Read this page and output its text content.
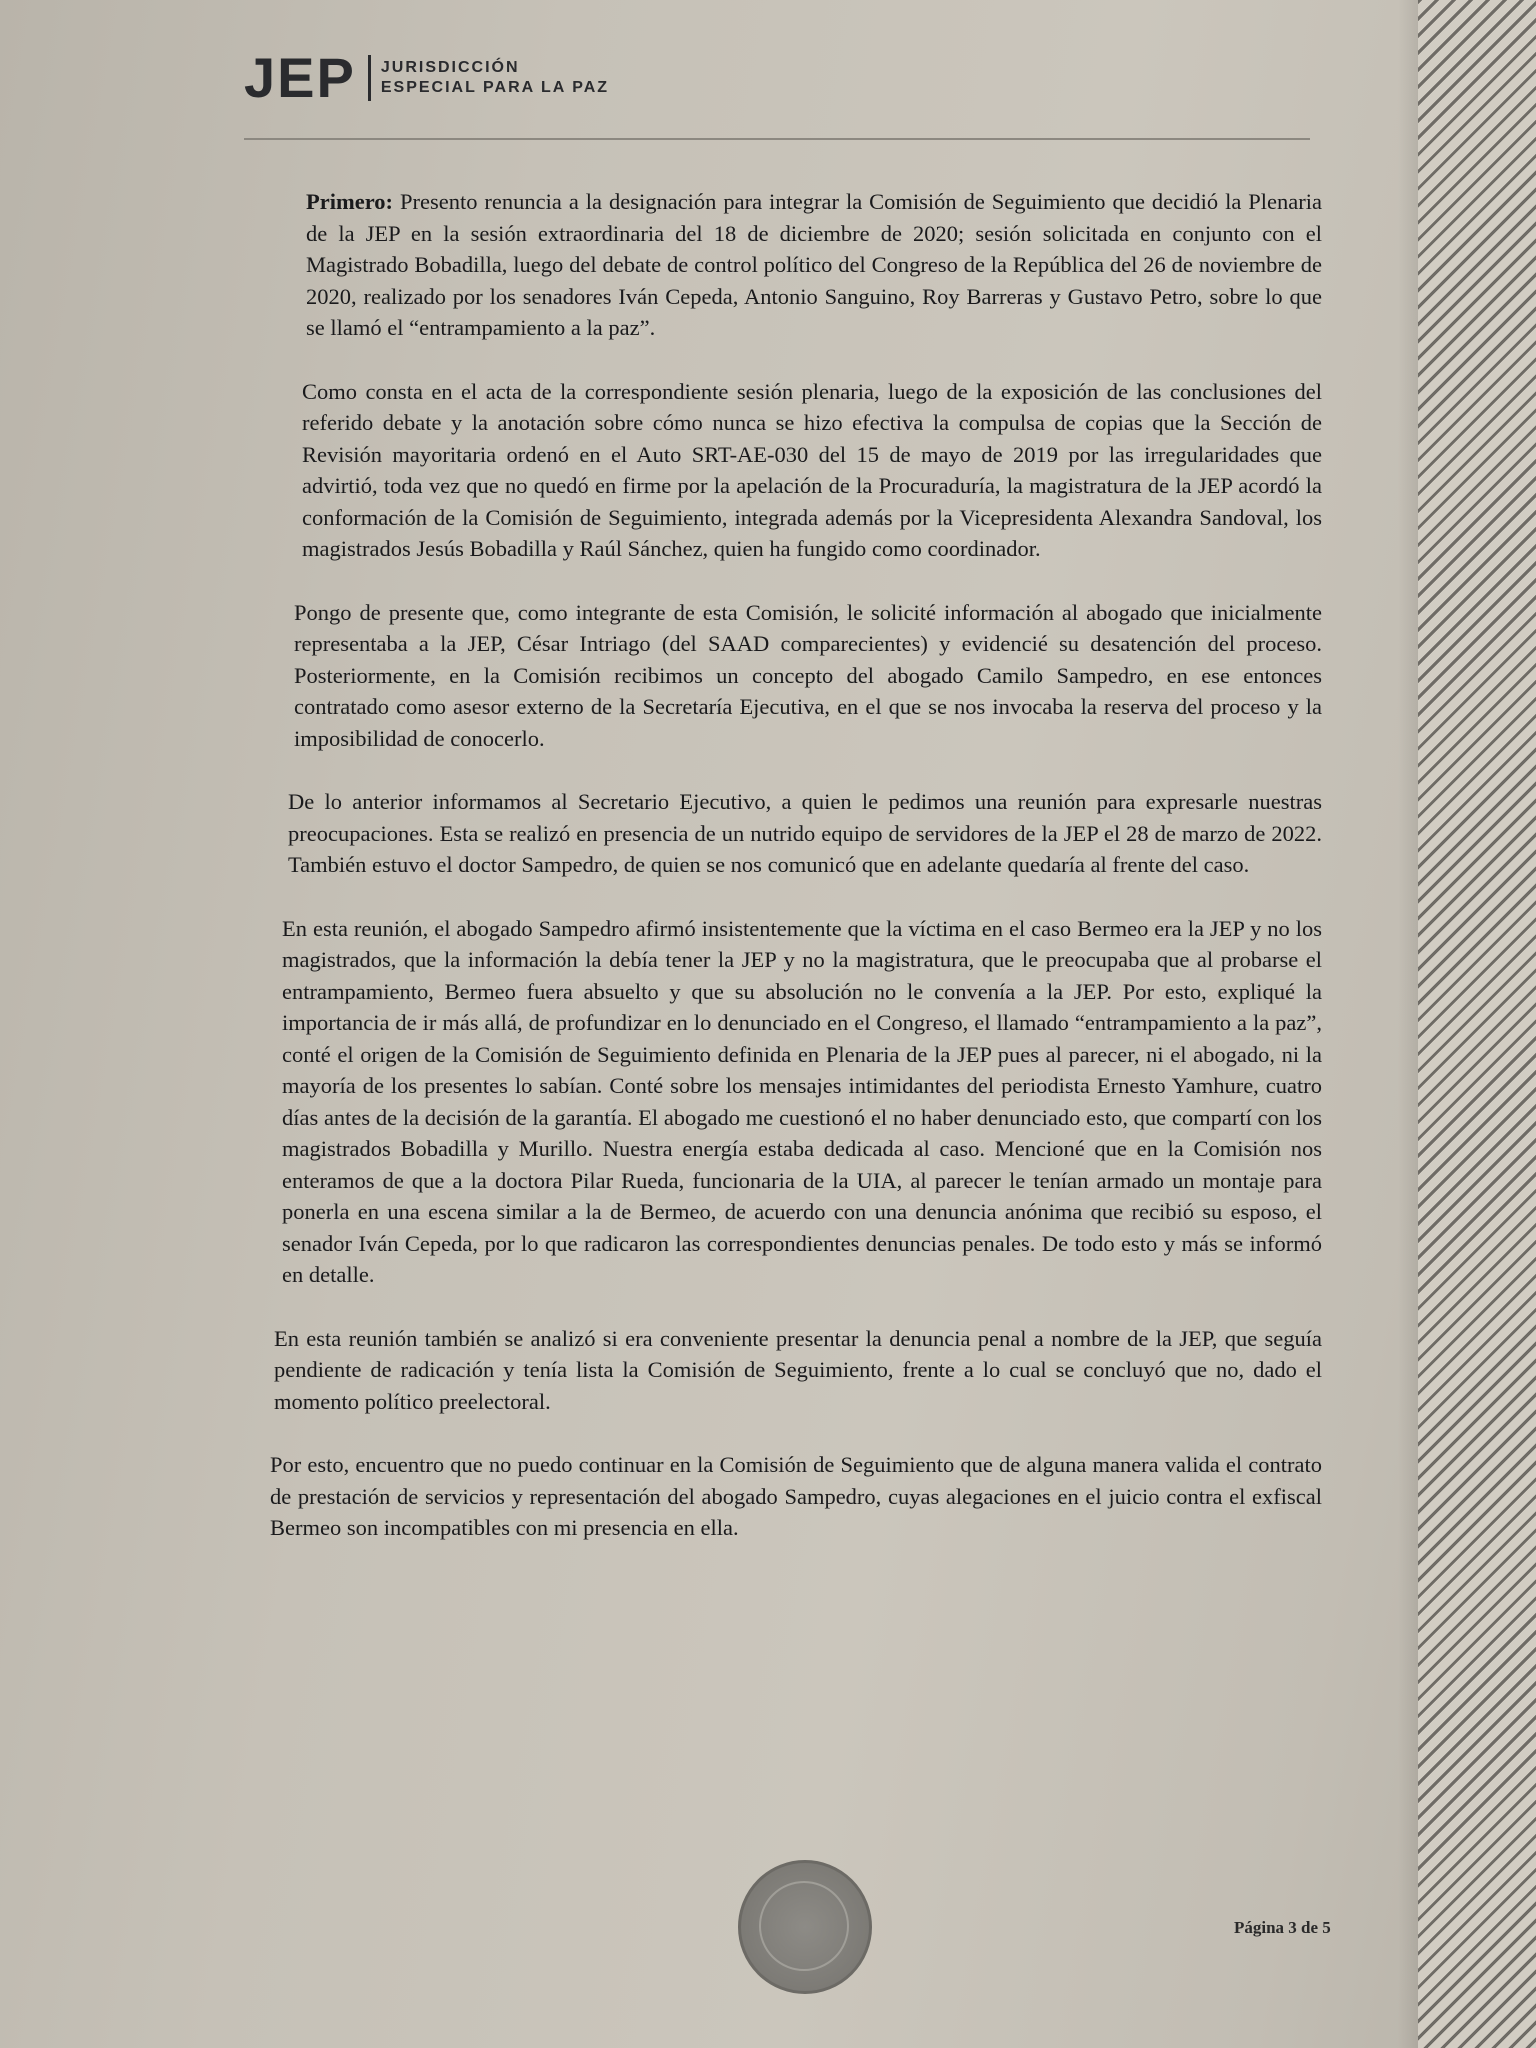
JEP JURISDICCIÓN
ESPECIAL PARA LA PAZ

Primero: Presento renuncia a la designación para integrar la Comisión de Seguimiento que decidió la Plenaria de la JEP en la sesión extraordinaria del 18 de diciembre de 2020; sesión solicitada en conjunto con el Magistrado Bobadilla, luego del debate de control político del Congreso de la República del 26 de noviembre de 2020, realizado por los senadores Iván Cepeda, Antonio Sanguino, Roy Barreras y Gustavo Petro, sobre lo que se llamó el “entrampamiento a la paz”.

Como consta en el acta de la correspondiente sesión plenaria, luego de la exposición de las conclusiones del referido debate y la anotación sobre cómo nunca se hizo efectiva la compulsa de copias que la Sección de Revisión mayoritaria ordenó en el Auto SRT-AE-030 del 15 de mayo de 2019 por las irregularidades que advirtió, toda vez que no quedó en firme por la apelación de la Procuraduría, la magistratura de la JEP acordó la conformación de la Comisión de Seguimiento, integrada además por la Vicepresidenta Alexandra Sandoval, los magistrados Jesús Bobadilla y Raúl Sánchez, quien ha fungido como coordinador.

Pongo de presente que, como integrante de esta Comisión, le solicité información al abogado que inicialmente representaba a la JEP, César Intriago (del SAAD comparecientes) y evidencié su desatención del proceso. Posteriormente, en la Comisión recibimos un concepto del abogado Camilo Sampedro, en ese entonces contratado como asesor externo de la Secretaría Ejecutiva, en el que se nos invocaba la reserva del proceso y la imposibilidad de conocerlo.

De lo anterior informamos al Secretario Ejecutivo, a quien le pedimos una reunión para expresarle nuestras preocupaciones. Esta se realizó en presencia de un nutrido equipo de servidores de la JEP el 28 de marzo de 2022. También estuvo el doctor Sampedro, de quien se nos comunicó que en adelante quedaría al frente del caso.

En esta reunión, el abogado Sampedro afirmó insistentemente que la víctima en el caso Bermeo era la JEP y no los magistrados, que la información la debía tener la JEP y no la magistratura, que le preocupaba que al probarse el entrampamiento, Bermeo fuera absuelto y que su absolución no le convenía a la JEP. Por esto, expliqué la importancia de ir más allá, de profundizar en lo denunciado en el Congreso, el llamado “entrampamiento a la paz”, conté el origen de la Comisión de Seguimiento definida en Plenaria de la JEP pues al parecer, ni el abogado, ni la mayoría de los presentes lo sabían. Conté sobre los mensajes intimidantes del periodista Ernesto Yamhure, cuatro días antes de la decisión de la garantía. El abogado me cuestionó el no haber denunciado esto, que compartí con los magistrados Bobadilla y Murillo. Nuestra energía estaba dedicada al caso. Mencioné que en la Comisión nos enteramos de que a la doctora Pilar Rueda, funcionaria de la UIA, al parecer le tenían armado un montaje para ponerla en una escena similar a la de Bermeo, de acuerdo con una denuncia anónima que recibió su esposo, el senador Iván Cepeda, por lo que radicaron las correspondientes denuncias penales. De todo esto y más se informó en detalle.

En esta reunión también se analizó si era conveniente presentar la denuncia penal a nombre de la JEP, que seguía pendiente de radicación y tenía lista la Comisión de Seguimiento, frente a lo cual se concluyó que no, dado el momento político preelectoral.

Por esto, encuentro que no puedo continuar en la Comisión de Seguimiento que de alguna manera valida el contrato de prestación de servicios y representación del abogado Sampedro, cuyas alegaciones en el juicio contra el exfiscal Bermeo son incompatibles con mi presencia en ella.

Página 3 de 5
